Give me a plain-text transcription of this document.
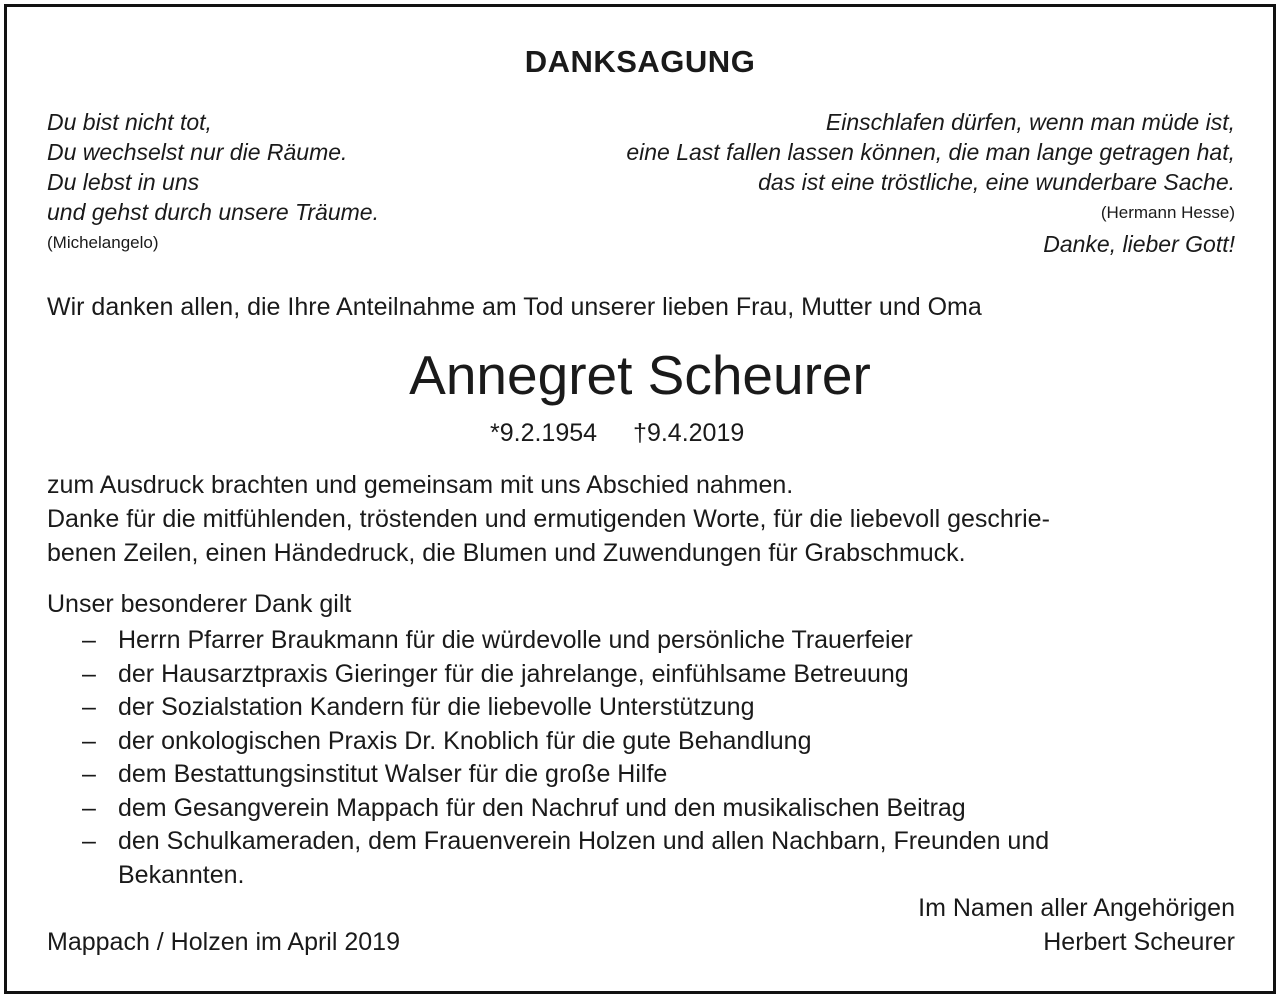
DANKSAGUNG
Du bist nicht tot,
Du wechselst nur die Räume.
Du lebst in uns
und gehst durch unsere Träume.
(Michelangelo)
Einschlafen dürfen, wenn man müde ist,
eine Last fallen lassen können, die man lange getragen hat,
das ist eine tröstliche, eine wunderbare Sache.
(Hermann Hesse)
Danke, lieber Gott!
Wir danken allen, die Ihre Anteilnahme am Tod unserer lieben Frau, Mutter und Oma
Annegret Scheurer
*9.2.1954 †9.4.2019
zum Ausdruck brachten und gemeinsam mit uns Abschied nahmen.
Danke für die mitfühlenden, tröstenden und ermutigenden Worte, für die liebevoll geschrie-
benen Zeilen, einen Händedruck, die Blumen und Zuwendungen für Grabschmuck.
Unser besonderer Dank gilt
– Herrn Pfarrer Braukmann für die würdevolle und persönliche Trauerfeier
– der Hausarztpraxis Gieringer für die jahrelange, einfühlsame Betreuung
– der Sozialstation Kandern für die liebevolle Unterstützung
– der onkologischen Praxis Dr. Knoblich für die gute Behandlung
– dem Bestattungsinstitut Walser für die große Hilfe
– dem Gesangverein Mappach für den Nachruf und den musikalischen Beitrag
– den Schulkameraden, dem Frauenverein Holzen und allen Nachbarn, Freunden und
Bekannten.
Im Namen aller Angehörigen
Herbert Scheurer
Mappach / Holzen im April 2019
